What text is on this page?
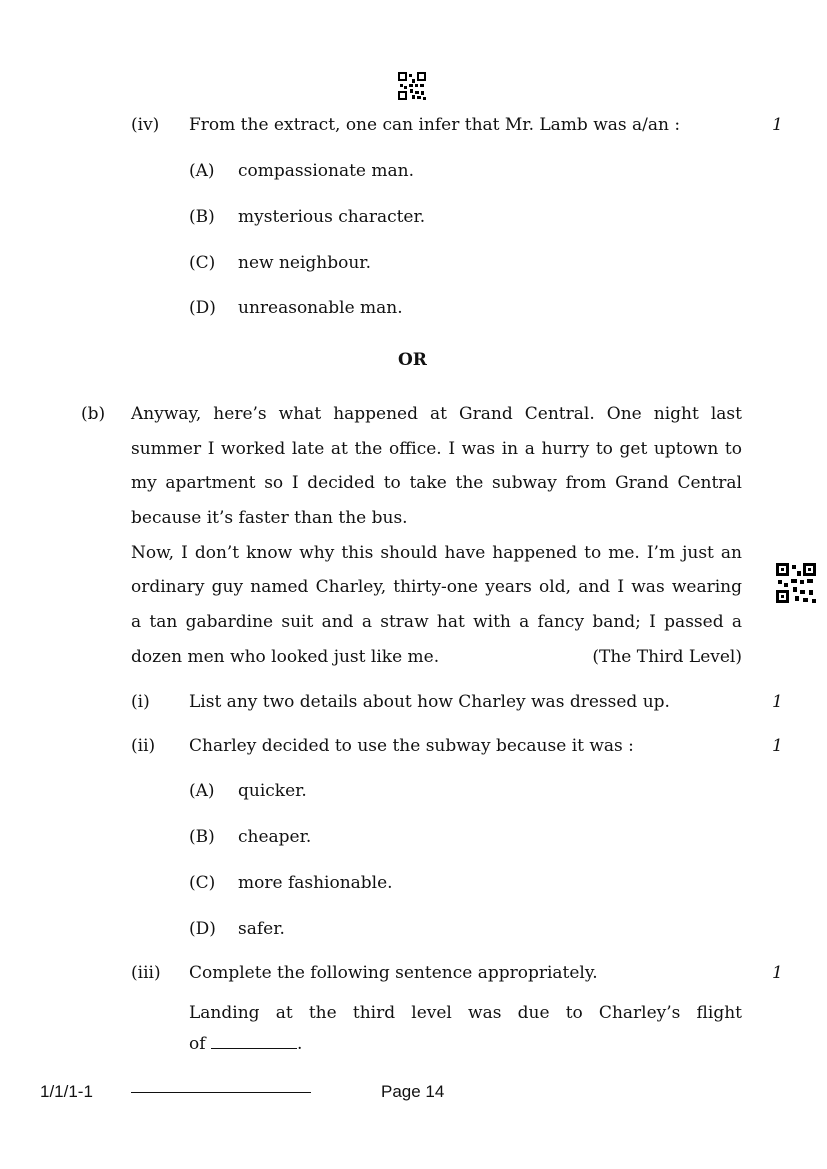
(iv) From the extract, one can infer that Mr. Lamb was a/an :	1
(A) compassionate man.
(B) mysterious character.
(C) new neighbour.
(D) unreasonable man.
OR
(b) Anyway, here’s what happened at Grand Central. One night last
summer I worked late at the office. I was in a hurry to get uptown to
my apartment so I decided to take the subway from Grand Central
because it’s faster than the bus.
Now, I don’t know why this should have happened to me. I’m just an
ordinary guy named Charley, thirty-one years old, and I was wearing
a tan gabardine suit and a straw hat with a fancy band; I passed a
dozen men who looked just like me.	(The Third Level)
(i) List any two details about how Charley was dressed up.	1
(ii) Charley decided to use the subway because it was :	1
(A) quicker.
(B) cheaper.
(C) more fashionable.
(D) safer.
(iii) Complete the following sentence appropriately.	1
Landing at the third level was due to Charley’s flight
of	.
1/1/1-1	Page 14
